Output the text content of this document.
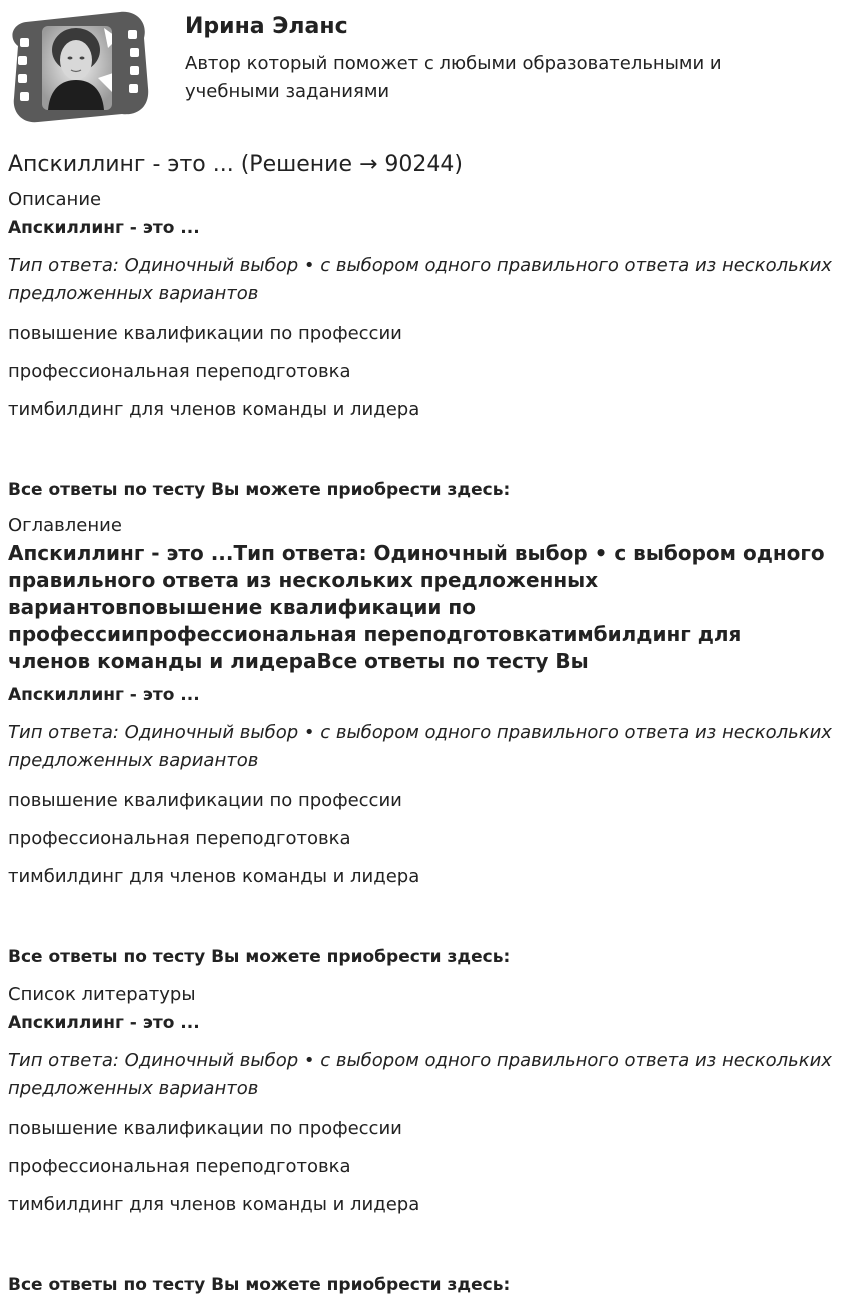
Ирина Эланс

Автор который поможет с любыми образовательными и учебными заданиями

Апскиллинг - это ... (Решение → 90244)

Описание

Апскиллинг - это ...

Тип ответа: Одиночный выбор • с выбором одного правильного ответа из нескольких предложенных вариантов

повышение квалификации по профессии

профессиональная переподготовка

тимбилдинг для членов команды и лидера

Все ответы по тесту Вы можете приобрести здесь:

Оглавление

Апскиллинг - это ...Тип ответа: Одиночный выбор • с выбором одного правильного ответа из нескольких предложенных вариантовповышение квалификации по профессиипрофессиональная переподготовкатимбилдинг для членов команды и лидераВсе ответы по тесту Вы

Апскиллинг - это ...

Тип ответа: Одиночный выбор • с выбором одного правильного ответа из нескольких предложенных вариантов

повышение квалификации по профессии

профессиональная переподготовка

тимбилдинг для членов команды и лидера

Все ответы по тесту Вы можете приобрести здесь:

Список литературы

Апскиллинг - это ...

Тип ответа: Одиночный выбор • с выбором одного правильного ответа из нескольких предложенных вариантов

повышение квалификации по профессии

профессиональная переподготовка

тимбилдинг для членов команды и лидера

Все ответы по тесту Вы можете приобрести здесь:
